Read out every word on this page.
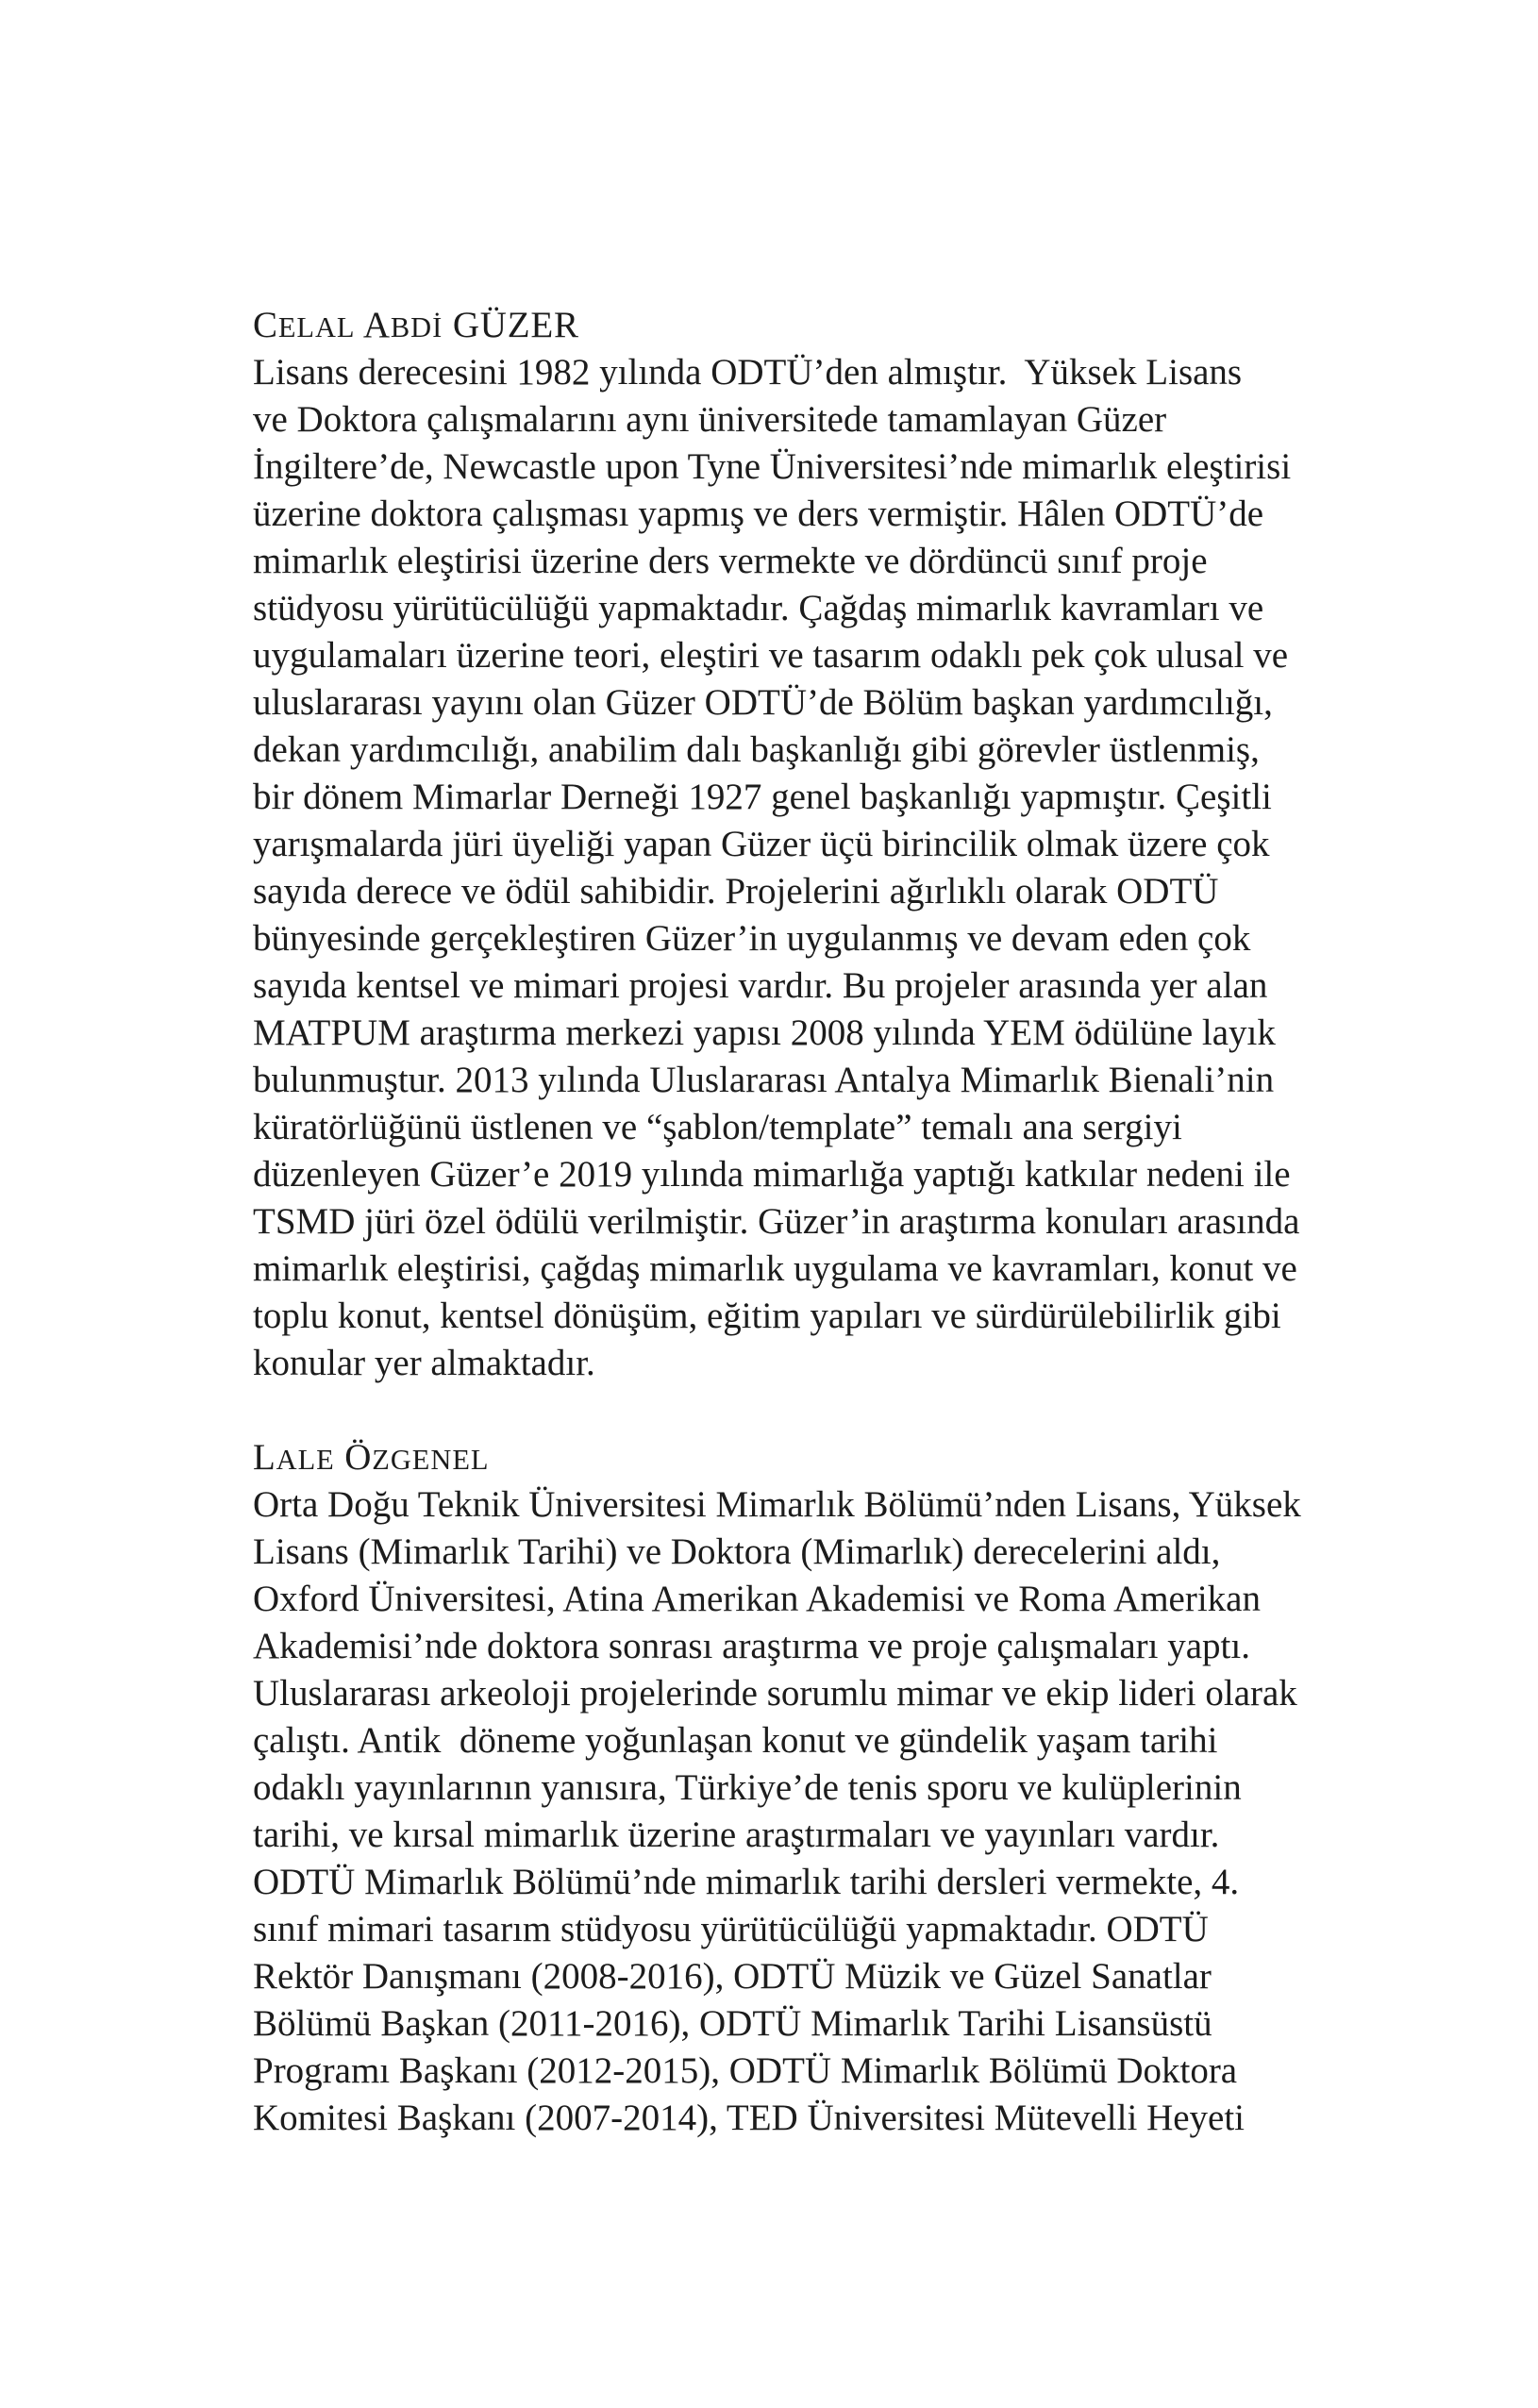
CELAL ABDİ GÜZER
Lisans derecesini 1982 yılında ODTÜ’den almıştır.  Yüksek Lisans
ve Doktora çalışmalarını aynı üniversitede tamamlayan Güzer
İngiltere’de, Newcastle upon Tyne Üniversitesi’nde mimarlık eleştirisi
üzerine doktora çalışması yapmış ve ders vermiştir. Hâlen ODTÜ’de
mimarlık eleştirisi üzerine ders vermekte ve dördüncü sınıf proje
stüdyosu yürütücülüğü yapmaktadır. Çağdaş mimarlık kavramları ve
uygulamaları üzerine teori, eleştiri ve tasarım odaklı pek çok ulusal ve
uluslararası yayını olan Güzer ODTÜ’de Bölüm başkan yardımcılığı,
dekan yardımcılığı, anabilim dalı başkanlığı gibi görevler üstlenmiş,
bir dönem Mimarlar Derneği 1927 genel başkanlığı yapmıştır. Çeşitli
yarışmalarda jüri üyeliği yapan Güzer üçü birincilik olmak üzere çok
sayıda derece ve ödül sahibidir. Projelerini ağırlıklı olarak ODTÜ
bünyesinde gerçekleştiren Güzer’in uygulanmış ve devam eden çok
sayıda kentsel ve mimari projesi vardır. Bu projeler arasında yer alan
MATPUM araştırma merkezi yapısı 2008 yılında YEM ödülüne layık
bulunmuştur. 2013 yılında Uluslararası Antalya Mimarlık Bienali’nin
küratörlüğünü üstlenen ve “şablon/template” temalı ana sergiyi
düzenleyen Güzer’e 2019 yılında mimarlığa yaptığı katkılar nedeni ile
TSMD jüri özel ödülü verilmiştir. Güzer’in araştırma konuları arasında
mimarlık eleştirisi, çağdaş mimarlık uygulama ve kavramları, konut ve
toplu konut, kentsel dönüşüm, eğitim yapıları ve sürdürülebilirlik gibi
konular yer almaktadır.
LALE ÖZGENEL
Orta Doğu Teknik Üniversitesi Mimarlık Bölümü’nden Lisans, Yüksek
Lisans (Mimarlık Tarihi) ve Doktora (Mimarlık) derecelerini aldı,
Oxford Üniversitesi, Atina Amerikan Akademisi ve Roma Amerikan
Akademisi’nde doktora sonrası araştırma ve proje çalışmaları yaptı.
Uluslararası arkeoloji projelerinde sorumlu mimar ve ekip lideri olarak
çalıştı. Antik  döneme yoğunlaşan konut ve gündelik yaşam tarihi
odaklı yayınlarının yanısıra, Türkiye’de tenis sporu ve kulüplerinin
tarihi, ve kırsal mimarlık üzerine araştırmaları ve yayınları vardır.
ODTÜ Mimarlık Bölümü’nde mimarlık tarihi dersleri vermekte, 4.
sınıf mimari tasarım stüdyosu yürütücülüğü yapmaktadır. ODTÜ
Rektör Danışmanı (2008-2016), ODTÜ Müzik ve Güzel Sanatlar
Bölümü Başkan (2011-2016), ODTÜ Mimarlık Tarihi Lisansüstü
Programı Başkanı (2012-2015), ODTÜ Mimarlık Bölümü Doktora
Komitesi Başkanı (2007-2014), TED Üniversitesi Mütevelli Heyeti
